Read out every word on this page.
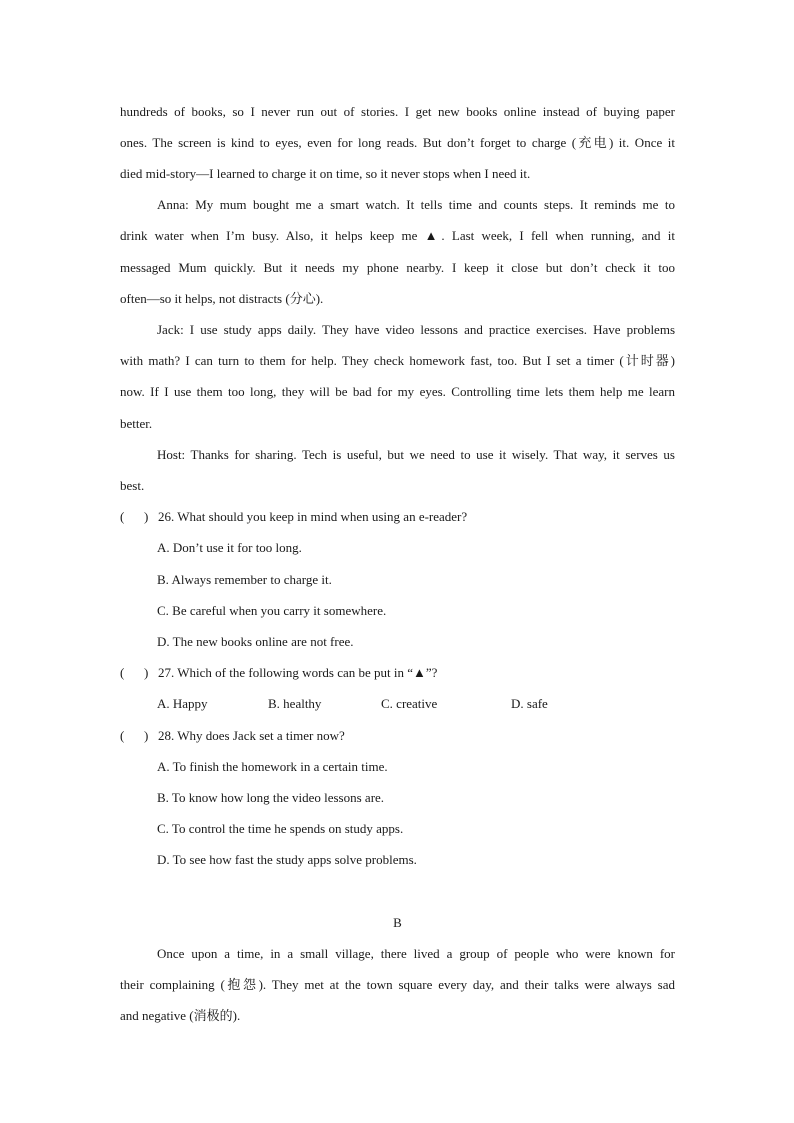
hundreds of books, so I never run out of stories. I get new books online instead of buying paper
ones. The screen is kind to eyes, even for long reads. But don’t forget to charge (充电) it. Once it
died mid-story—I learned to charge it on time, so it never stops when I need it.
Anna: My mum bought me a smart watch. It tells time and counts steps. It reminds me to
drink water when I’m busy. Also, it helps keep me ▲. Last week, I fell when running, and it
messaged Mum quickly. But it needs my phone nearby. I keep it close but don’t check it too
often—so it helps, not distracts (分心).
Jack: I use study apps daily. They have video lessons and practice exercises. Have problems
with math? I can turn to them for help. They check homework fast, too. But I set a timer (计时器)
now. If I use them too long, they will be bad for my eyes. Controlling time lets them help me learn
better.
Host: Thanks for sharing. Tech is useful, but we need to use it wisely. That way, it serves us
best.
( ) 26. What should you keep in mind when using an e-reader?
A. Don’t use it for too long.
B. Always remember to charge it.
C. Be careful when you carry it somewhere.
D. The new books online are not free.
( ) 27. Which of the following words can be put in “▲”?
A. Happy	B. healthy	C. creative	D. safe
( ) 28. Why does Jack set a timer now?
A. To finish the homework in a certain time.
B. To know how long the video lessons are.
C. To control the time he spends on study apps.
D. To see how fast the study apps solve problems.
B
Once upon a time, in a small village, there lived a group of people who were known for
their complaining (抱怨). They met at the town square every day, and their talks were always sad
and negative (消极的).
